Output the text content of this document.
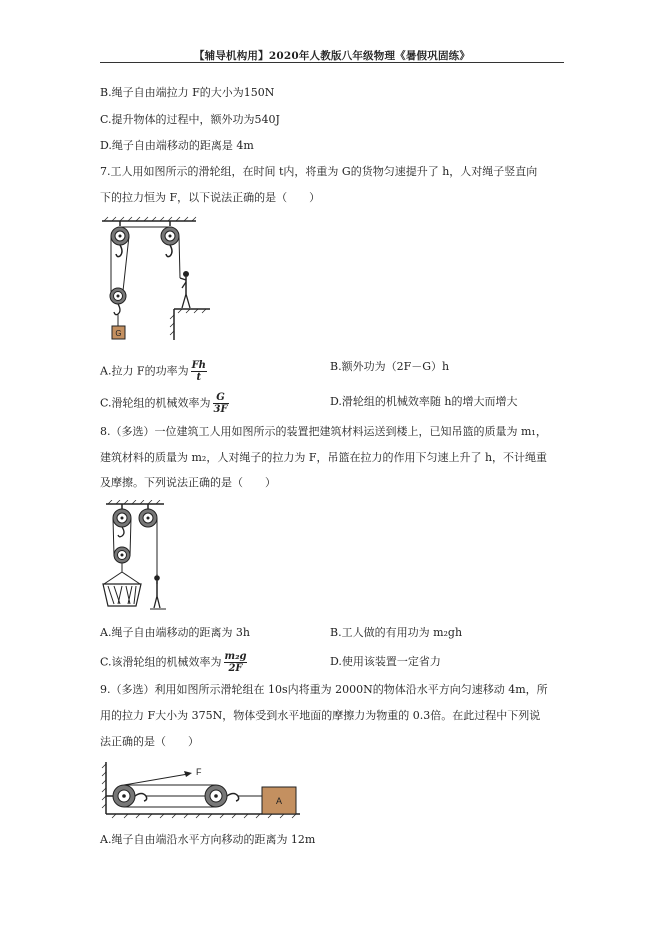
【辅导机构用】2020年人教版八年级物理《暑假巩固练》
B.绳子自由端拉力 F的大小为150N
C.提升物体的过程中，额外功为540J
D.绳子自由端移动的距离是 4m
7.工人用如图所示的滑轮组，在时间 t内，将重为 G的货物匀速提升了 h，人对绳子竖直向
下的拉力恒为 F，以下说法正确的是（　　）
G
A.拉力 F的功率为 $\frac{Fh}{t}$	B.额外功为（2F－G）h
C.滑轮组的机械效率为 $\frac{G}{3F}$	D.滑轮组的机械效率随 h的增大而增大
8.（多选）一位建筑工人用如图所示的装置把建筑材料运送到楼上，已知吊篮的质量为 m₁，
建筑材料的质量为 m₂，人对绳子的拉力为 F，吊篮在拉力的作用下匀速上升了 h，不计绳重
及摩擦。下列说法正确的是（　　）
A.绳子自由端移动的距离为 3h	B.工人做的有用功为 m₂gh
C.该滑轮组的机械效率为 $\frac{\text{m₂g}}{2F}$	D.使用该装置一定省力
9.（多选）利用如图所示滑轮组在 10s内将重为 2000N的物体沿水平方向匀速移动 4m，所
用的拉力 F大小为 375N，物体受到水平地面的摩擦力为物重的 0.3倍。在此过程中下列说
法正确的是（　　）
F
A
A.绳子自由端沿水平方向移动的距离为 12m
